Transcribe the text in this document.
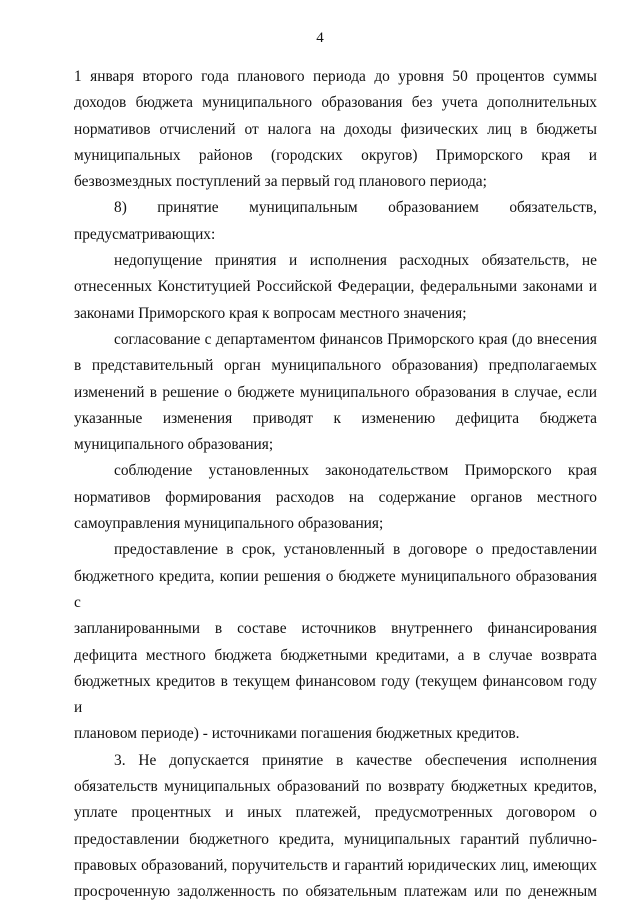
4
1 января второго года планового периода до уровня 50 процентов суммы
доходов бюджета муниципального образования без учета дополнительных
нормативов отчислений от налога на доходы физических лиц в бюджеты
муниципальных районов (городских округов) Приморского края и
безвозмездных поступлений за первый год планового периода;
8) принятие муниципальным образованием обязательств,
предусматривающих:
недопущение принятия и исполнения расходных обязательств, не
отнесенных Конституцией Российской Федерации, федеральными законами и
законами Приморского края к вопросам местного значения;
согласование с департаментом финансов Приморского края (до внесения
в представительный орган муниципального образования) предполагаемых
изменений в решение о бюджете муниципального образования в случае, если
указанные изменения приводят к изменению дефицита бюджета
муниципального образования;
соблюдение установленных законодательством Приморского края
нормативов формирования расходов на содержание органов местного
самоуправления муниципального образования;
предоставление в срок, установленный в договоре о предоставлении
бюджетного кредита, копии решения о бюджете муниципального образования с
запланированными в составе источников внутреннего финансирования
дефицита местного бюджета бюджетными кредитами, а в случае возврата
бюджетных кредитов в текущем финансовом году (текущем финансовом году и
плановом периоде) - источниками погашения бюджетных кредитов.
3. Не допускается принятие в качестве обеспечения исполнения
обязательств муниципальных образований по возврату бюджетных кредитов,
уплате процентных и иных платежей, предусмотренных договором о
предоставлении бюджетного кредита, муниципальных гарантий публично-
правовых образований, поручительств и гарантий юридических лиц, имеющих
просроченную задолженность по обязательным платежам или по денежным
